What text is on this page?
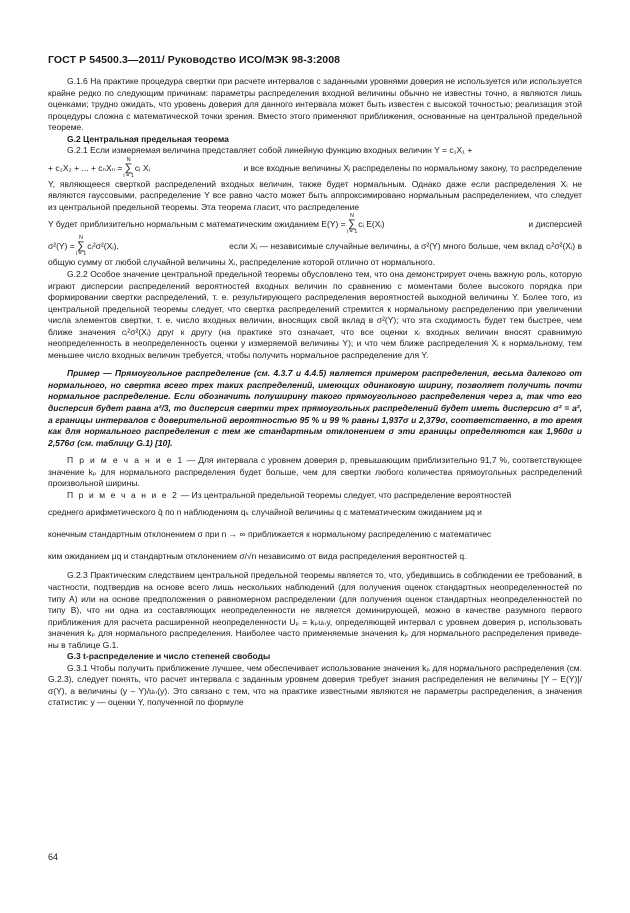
ГОСТ Р 54500.3—2011/ Руководство ИСО/МЭК 98-3:2008

G.1.6 На практике процедура свертки при расчете интервалов с заданными уровнями доверия не используется или используется крайне редко по следующим причинам: параметры распределения входной величины обычно не известны точно, а являются лишь оценками; трудно ожидать, что уровень доверия для данного интервала может быть известен с высокой точностью; реализация этой процедуры сложна с математической точки зрения. Вместо этого применяют приближения, основанные на центральной предельной теореме.

G.2 Центральная предельная теорема

G.2.1 Если измеряемая величина представляет собой линейную функцию входных величин Y = c₁X₁ +

+ c₂X₂ + ... + cₙXₙ =
N
∑
i = 1
cᵢ Xᵢ	и все входные величины Xᵢ распределены по нормальному закону, то распределение

Y, являющееся сверткой распределений входных величин, также будет нормальным. Однако даже если распределения Xᵢ не являются гауссовыми, распределение Y все равно часто может быть аппроксимировано нормальным распределением, что следует из центральной предельной теоремы. Эта теорема гласит, что распределение

Y будет приблизительно нормальным с математическим ожиданием E(Y) =
N
∑
i = 1
cᵢ E(Xᵢ)	и дисперсией
σ²(Y) =
N
∑
i = 1
cᵢ²σ²(Xᵢ),	если Xᵢ — независимые случайные величины, а σ²(Y) много больше, чем вклад cᵢ²σ²(Xᵢ) в

общую сумму от любой случайной величины Xᵢ, распределение которой отлично от нормального.

G.2.2 Особое значение центральной предельной теоремы обусловлено тем, что она демонстрирует очень важную роль, которую играют дисперсии распределений вероятностей входных величин по сравнению с моментами более высокого порядка при формировании свертки распределений, т. е. результирующего распределения вероятностей выходной величины Y. Более того, из центральной предельной теоремы следует, что свертка распределений стремится к нормальному распределению при увеличении числа элементов свертки, т. е. число входных величин, вносящих свой вклад в σ²(Y); что эта сходимость будет тем быстрее, чем ближе значения cᵢ²σ²(Xᵢ) друг к другу (на практике это означает, что все оценки xᵢ входных величин вносят сравнимую неопределенность в неопределенность оценки y измеряемой величины Y); и что чем ближе распределения Xᵢ к нормальному, тем меньшее число входных величин требуется, чтобы получить нормальное распределение для Y.

Пример — Прямоугольное распределение (см. 4.3.7 и 4.4.5) является примером распределения, весьма далекого от нормального, но свертка всего трех таких распределений, имеющих одинаковую ширину, позволяет получить почти нормальное распределение. Если обозначить полуширину такого прямоугольного распределения через a, так что его дисперсия будет равна a²/3, то дисперсия свертки трех прямоугольных распределений будет иметь дисперсию σ² = a², а границы интервалов с доверительной вероятностью 95 % и 99 % равны 1,937σ и 2,379σ, соответственно, в то время как для нормального распределения с тем же стандартным отклонением σ эти границы определяются как 1,960σ и 2,576σ (см. таблицу G.1) [10].

П р и м е ч а н и е 1 — Для интервала с уровнем доверия p, превышающим приблизительно 91,7 %, соответствующее значение kₚ для нормального распределения будет больше, чем для свертки любого количества прямоугольных распределений произвольной ширины.

П р и м е ч а н и е 2 — Из центральной предельной теоремы следует, что распределение вероятностей

среднего арифметического q̄ по n наблюдениям qₖ случайной величины q с математическим ожиданием μq и

конечным стандартным отклонением σ при n → ∞ приближается к нормальному распределению с математичес

ким ожиданием μq и стандартным отклонением σ/√n независимо от вида распределения вероятностей q.

G.2.3 Практическим следствием центральной предельной теоремы является то, что, убедившись в соблюдении ее требований, в частности, подтвердив на основе всего лишь нескольких наблюдений (для получения оценок стандартных неопределенностей по типу А) или на основе предположения о равномерном распределении (для получения оценок стандартных неопределенностей по типу В), что ни одна из составляющих неопределенности не является доминирующей, можно в качестве разумного первого приближения для расчета расширенной неопределенности Uₚ = kₚuₙy, определяющей интервал с уровнем доверия p, использовать значения kₚ для нормального распределения. Наиболее часто применяемые значения kₚ для нормального распределения приведены в таблице G.1.

G.3 t-распределение и число степеней свободы

G.3.1 Чтобы получить приближение лучшее, чем обеспечивает использование значения kₚ для нормального распределения (см. G.2.3), следует понять, что расчет интервала с заданным уровнем доверия требует знания распределения не величины [Y – E(Y)]/ σ(Y), а величины (y – Y)/uₙ(y). Это связано с тем, что на практике известными являются не параметры распределения, а значения статистик: y — оценки Y, полученной по формуле

64
